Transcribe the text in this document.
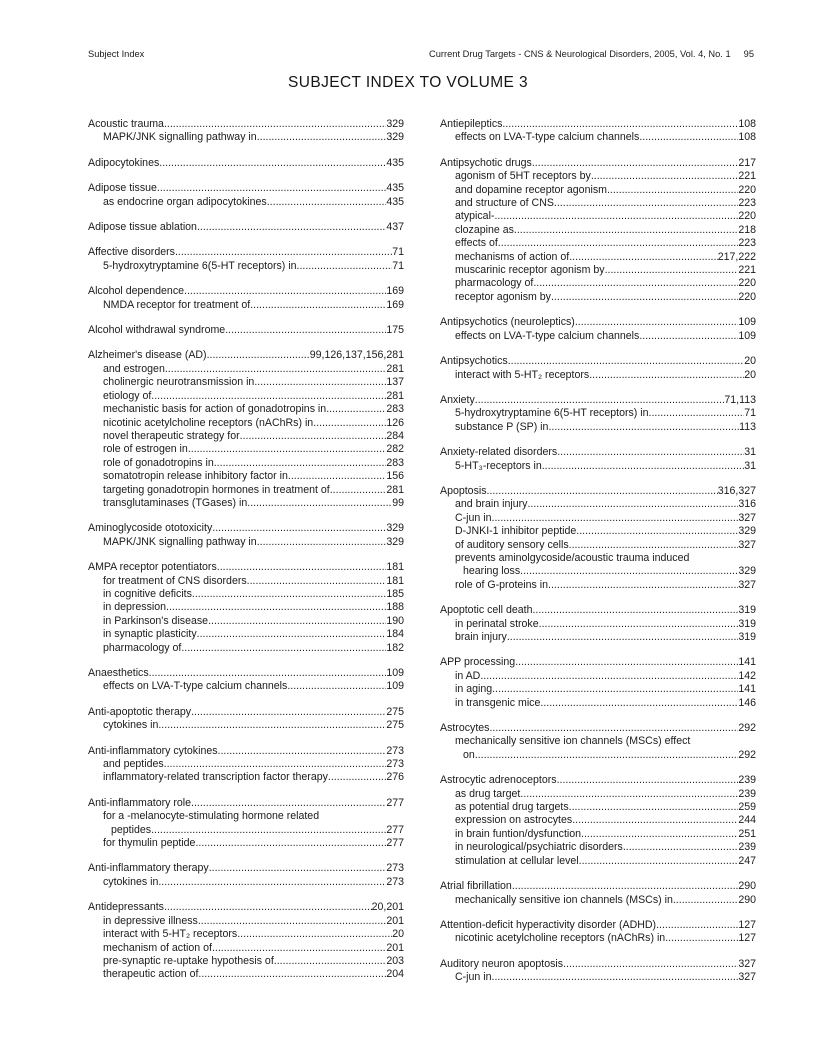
Subject Index	Current Drug Targets - CNS & Neurological Disorders, 2005, Vol. 4, No. 1 95
SUBJECT INDEX TO VOLUME 3
Acoustic trauma .....	329
MAPK/JNK signalling pathway in .....	329
Adipocytokines .....	435
Adipose tissue .....	435
as endocrine organ adipocytokines .....	435
Adipose tissue ablation .....	437
Affective disorders .....	71
5-hydroxytryptamine 6(5-HT receptors) in .....	71
Alcohol dependence .....	169
NMDA receptor for treatment of .....	169
Alcohol withdrawal syndrome .....	175
Alzheimer's disease (AD) .....	99,126,137,156,281
and estrogen .....	281
cholinergic neurotransmission in .....	137
etiology of .....	281
mechanistic basis for action of gonadotropins in .....	283
nicotinic acetylcholine receptors (nAChRs) in .....	126
novel therapeutic strategy for .....	284
role of estrogen in .....	282
role of gonadotropins in .....	283
somatotropin release inhibitory factor in .....	156
targeting gonadotropin hormones in treatment of .....	281
transglutaminases (TGases) in .....	99
Aminoglycoside ototoxicity .....	329
MAPK/JNK signalling pathway in .....	329
AMPA receptor potentiators .....	181
for treatment of CNS disorders .....	181
in cognitive deficits .....	185
in depression .....	188
in Parkinson's disease .....	190
in synaptic plasticity .....	184
pharmacology of .....	182
Anaesthetics .....	109
effects on LVA-T-type calcium channels .....	109
Anti-apoptotic therapy .....	275
cytokines in .....	275
Anti-inflammatory cytokines .....	273
and peptides .....	273
inflammatory-related transcription factor therapy .....	276
Anti-inflammatory role .....	277
for a -melanocyte-stimulating hormone related
peptides .....	277
for thymulin peptide .....	277
Anti-inflammatory therapy .....	273
cytokines in .....	273
Antidepressants .....	20,201
in depressive illness .....	201
interact with 5-HT₂ receptors .....	20
mechanism of action of .....	201
pre-synaptic re-uptake hypothesis of .....	203
therapeutic action of .....	204
Antiepileptics .....	108
effects on LVA-T-type calcium channels .....	108
Antipsychotic drugs .....	217
agonism of 5HT receptors by .....	221
and dopamine receptor agonism .....	220
and structure of CNS .....	223
atypical- .....	220
clozapine as .....	218
effects of .....	223
mechanisms of action of .....	217,222
muscarinic receptor agonism by .....	221
pharmacology of .....	220
receptor agonism by .....	220
Antipsychotics (neuroleptics) .....	109
effects on LVA-T-type calcium channels .....	109
Antipsychotics .....	20
interact with 5-HT₂ receptors .....	20
Anxiety .....	71,113
5-hydroxytryptamine 6(5-HT receptors) in .....	71
substance P (SP) in .....	113
Anxiety-related disorders .....	31
5-HT₃-receptors in .....	31
Apoptosis .....	316,327
and brain injury .....	316
C-jun in .....	327
D-JNKI-1 inhibitor peptide .....	329
of auditory sensory cells .....	327
prevents aminolgycoside/acoustic trauma induced
hearing loss .....	329
role of G-proteins in .....	327
Apoptotic cell death .....	319
in perinatal stroke .....	319
brain injury .....	319
APP processing .....	141
in AD .....	142
in aging .....	141
in transgenic mice .....	146
Astrocytes .....	292
mechanically sensitive ion channels (MSCs) effect
on .....	292
Astrocytic adrenoceptors .....	239
as drug target .....	239
as potential drug targets .....	259
expression on astrocytes .....	244
in brain funtion/dysfunction .....	251
in neurological/psychiatric disorders .....	239
stimulation at cellular level .....	247
Atrial fibrillation .....	290
mechanically sensitive ion channels (MSCs) in .....	290
Attention-deficit hyperactivity disorder (ADHD) .....	127
nicotinic acetylcholine receptors (nAChRs) in .....	127
Auditory neuron apoptosis .....	327
C-jun in .....	327
